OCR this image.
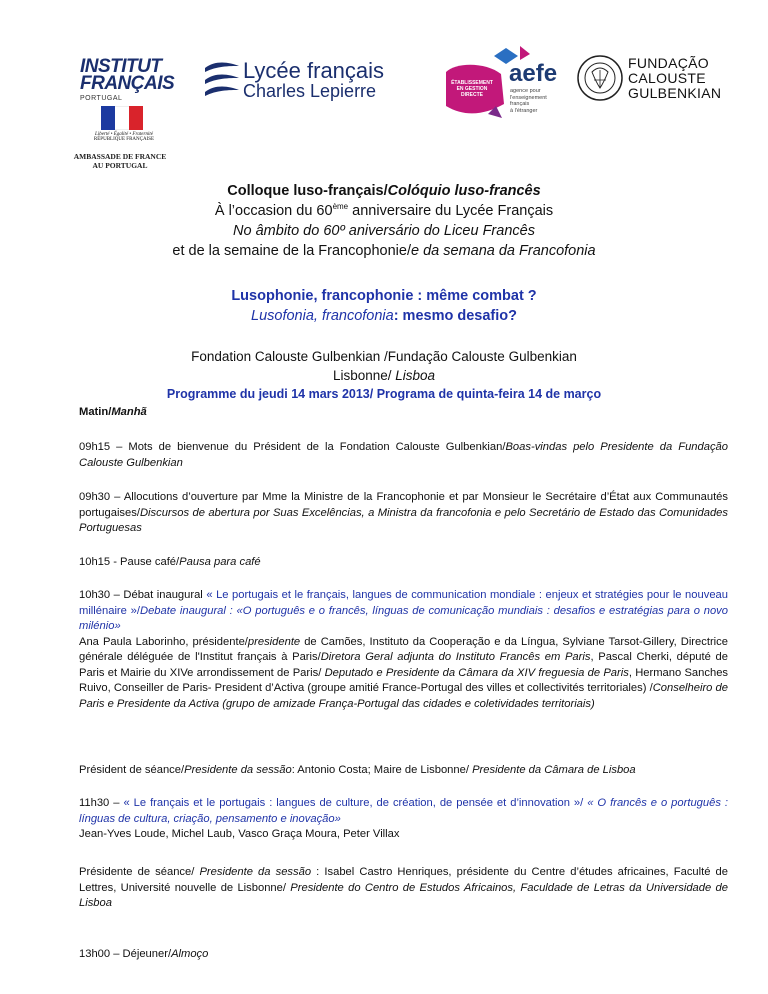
INSTITUT
FRANÇAIS
PORTUGAL
Liberté • Égalité • Fraternité
RÉPUBLIQUE FRANÇAISE
AMBASSADE DE FRANCE
AU PORTUGAL
Lycée français
Charles Lepierre	ÉTABLISSEMENT
EN GESTION DIRECTE
aefe
agence pour
l'enseignement
français
à l'étranger
FUNDAÇÃO
CALOUSTE
GULBENKIAN
Colloque luso-français/Colóquio luso-francês
À l’occasion du 60ème anniversaire du Lycée Français
No âmbito do 60º aniversário do Liceu Francês
et de la semaine de la Francophonie/e da semana da Francofonia
Lusophonie, francophonie : même combat ?
Lusofonia, francofonia: mesmo desafio?
Fondation Calouste Gulbenkian /Fundação Calouste Gulbenkian
Lisbonne/ Lisboa
Programme du jeudi 14 mars 2013/ Programa de quinta-feira 14 de março
Matin/Manhã
09h15 – Mots de bienvenue du Président de la Fondation Calouste Gulbenkian/Boas-vindas pelo Presidente da Fundação Calouste Gulbenkian
09h30 – Allocutions d’ouverture par Mme la Ministre de la Francophonie et par Monsieur le Secrétaire d’État aux Communautés portugaises/Discursos de abertura por Suas Excelências, a Ministra da francofonia e pelo Secretário de Estado das Comunidades Portuguesas
10h15 - Pause café/Pausa para café
10h30 – Débat inaugural « Le portugais et le français, langues de communication mondiale : enjeux et stratégies pour le nouveau millénaire »/Debate inaugural : «O português e o francês, línguas de comunicação mundiais : desafios e estratégias para o novo milénio»
Ana Paula Laborinho, présidente/presidente de Camões, Instituto da Cooperação e da Língua, Sylviane Tarsot-Gillery, Directrice générale déléguée de l'Institut français à Paris/Diretora Geral adjunta do Instituto Francês em Paris, Pascal Cherki, député de Paris et Mairie du XIVe arrondissement de Paris/ Deputado e Presidente da Câmara da XIV freguesia de Paris, Hermano Sanches Ruivo, Conseiller de Paris- President d’Activa (groupe amitié France-Portugal des villes et collectivités territoriales) /Conselheiro de Paris e Presidente da Activa (grupo de amizade França-Portugal das cidades e coletividades territoriais)
Président de séance/Presidente da sessão: Antonio Costa; Maire de Lisbonne/ Presidente da Câmara de Lisboa
11h30 – « Le français et le portugais : langues de culture, de création, de pensée et d’innovation »/ « O francês e o português : línguas de cultura, criação, pensamento e inovação»
Jean-Yves Loude, Michel Laub, Vasco Graça Moura, Peter Villax
Présidente de séance/ Presidente da sessão : Isabel Castro Henriques, présidente du Centre d’études africaines, Faculté de Lettres, Université nouvelle de Lisbonne/ Presidente do Centro de Estudos Africainos, Faculdade de Letras da Universidade de Lisboa
13h00 – Déjeuner/Almoço
